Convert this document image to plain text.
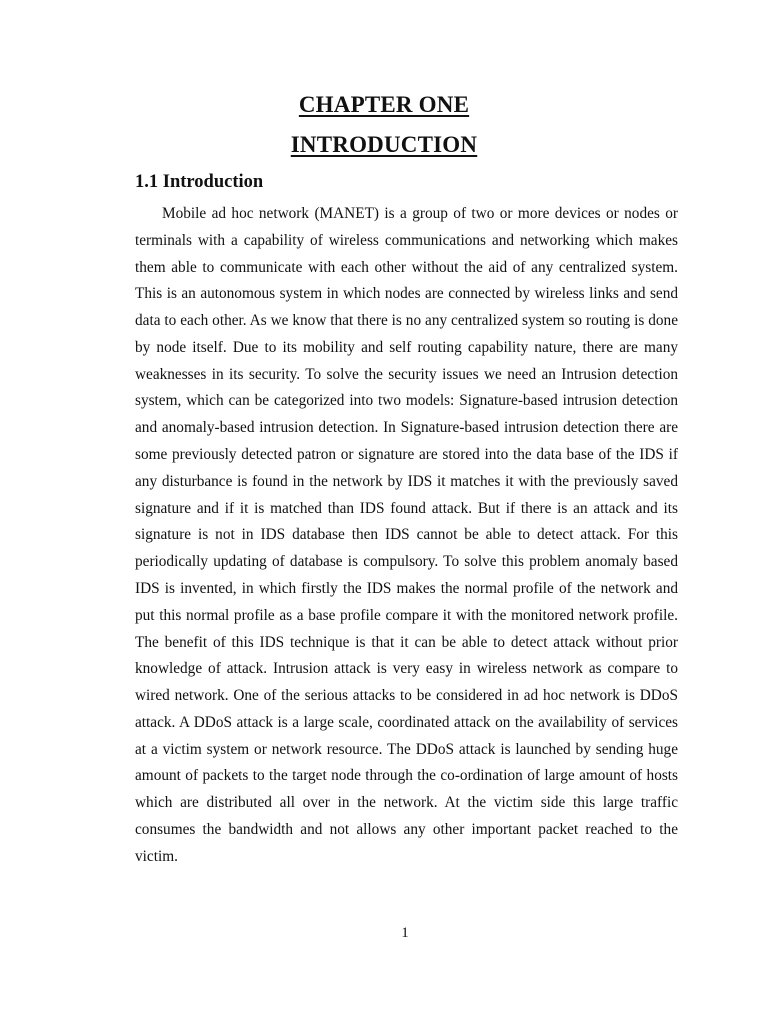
CHAPTER ONE
INTRODUCTION
1.1 Introduction

Mobile ad hoc network (MANET) is a group of two or more devices or nodes or terminals with a capability of wireless communications and networking which makes them able to communicate with each other without the aid of any centralized system. This is an autonomous system in which nodes are connected by wireless links and send data to each other. As we know that there is no any centralized system so routing is done by node itself. Due to its mobility and self routing capability nature, there are many weaknesses in its security. To solve the security issues we need an Intrusion detection system, which can be categorized into two models: Signature-based intrusion detection and anomaly-based intrusion detection. In Signature-based intrusion detection there are some previously detected patron or signature are stored into the data base of the IDS if any disturbance is found in the network by IDS it matches it with the previously saved signature and if it is matched than IDS found attack. But if there is an attack and its signature is not in IDS database then IDS cannot be able to detect attack. For this periodically updating of database is compulsory. To solve this problem anomaly based IDS is invented, in which firstly the IDS makes the normal profile of the network and put this normal profile as a base profile compare it with the monitored network profile. The benefit of this IDS technique is that it can be able to detect attack without prior knowledge of attack. Intrusion attack is very easy in wireless network as compare to wired network. One of the serious attacks to be considered in ad hoc network is DDoS attack. A DDoS attack is a large scale, coordinated attack on the availability of services at a victim system or network resource. The DDoS attack is launched by sending huge amount of packets to the target node through the co-ordination of large amount of hosts which are distributed all over in the network. At the victim side this large traffic consumes the bandwidth and not allows any other important packet reached to the victim.

1
